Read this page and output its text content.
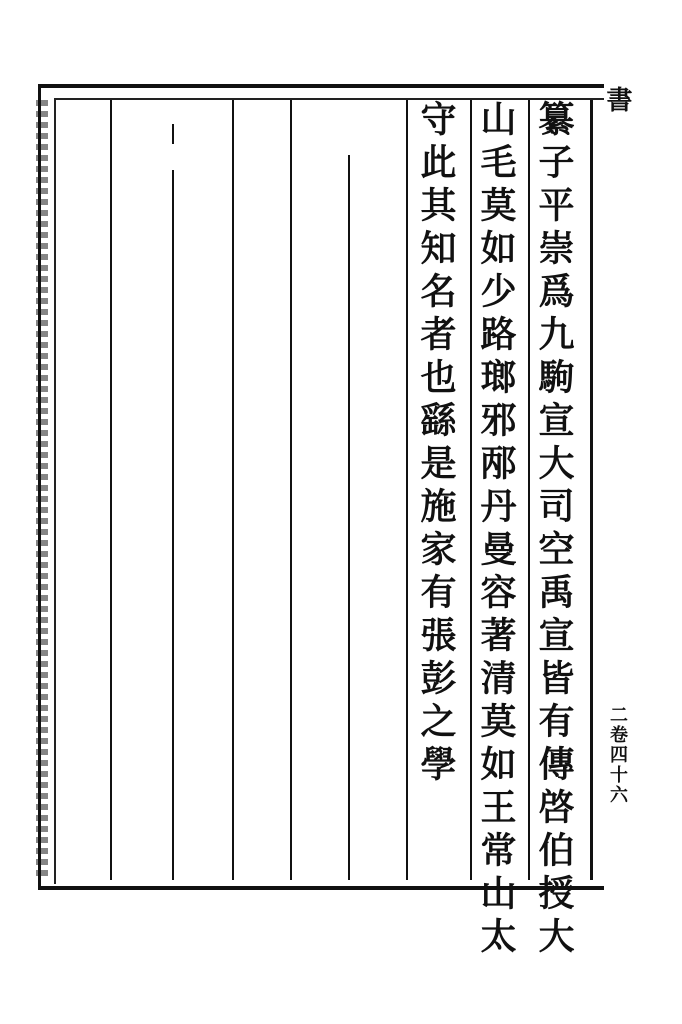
纂子平崇爲九駒宣大司空禹宣皆有傳啓伯授大
山毛莫如少路瑯邪邴丹曼容著清莫如王常山太
守此其知名者也繇是施家有張彭之學	書
二卷四十六
